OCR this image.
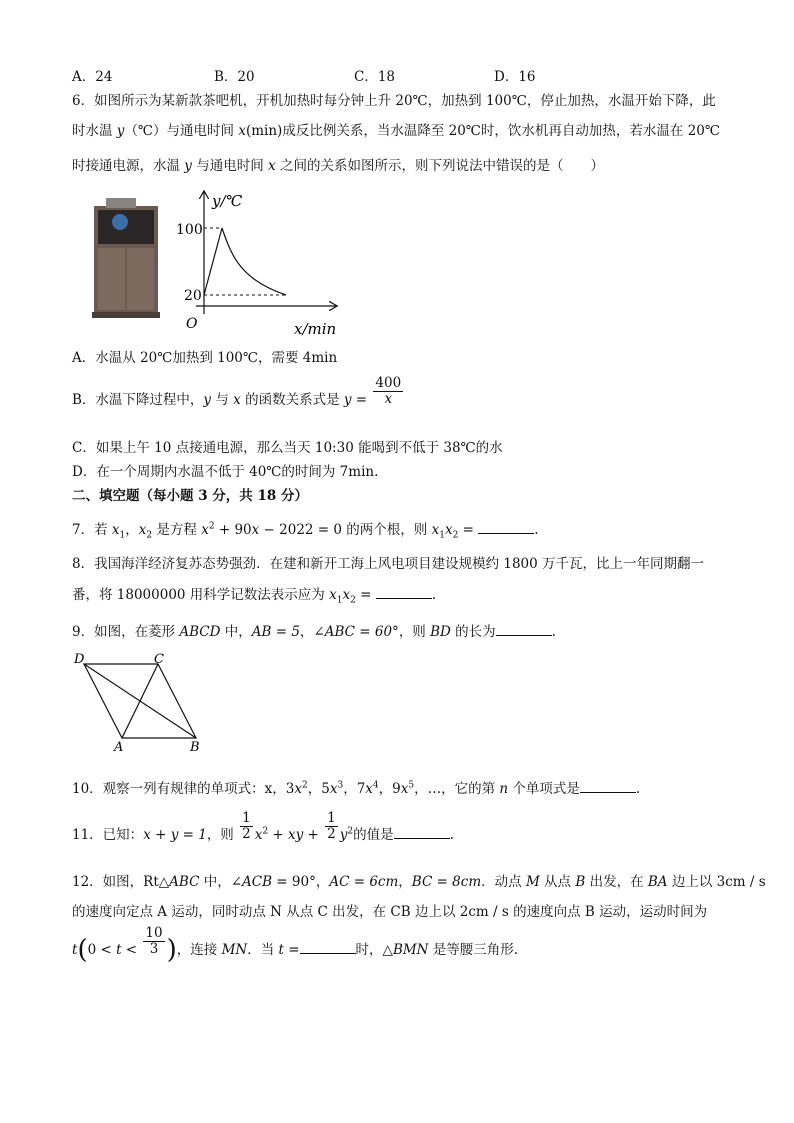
A．24	B．20	C．18	D．16
6．如图所示为某新款茶吧机，开机加热时每分钟上升 20℃，加热到 100℃，停止加热，水温开始下降，此
时水温 y（℃）与通电时间 x(min)成反比例关系，当水温降至 20℃时，饮水机再自动加热，若水温在 20℃
时接通电源，水温 y 与通电时间 x 之间的关系如图所示，则下列说法中错误的是（　　）
y/℃
x/min
O
100
20
A．水温从 20℃加热到 100℃，需要 4min
B．水温下降过程中，y 与 x 的函数关系式是 $y = \frac{400}{x}$
C．如果上午 10 点接通电源，那么当天 10:30 能喝到不低于 38℃的水
D．在一个周期内水温不低于 40℃的时间为 7min.
二、填空题（每小题 3 分，共 18 分）
7．若 $x_1$，$x_2$ 是方程 $x^2 + 90x - 2022 = 0$ 的两个根，则 $x_1x_2$ =	.
8．我国海洋经济复苏态势强劲．在建和新开工海上风电项目建设规模约 1800 万千瓦，比上一年同期翻一
番，将 18000000 用科学记数法表示应为 $x_1x_2$ =	.
9．如图，在菱形 ABCD 中，AB = 5，∠ABC = 60°，则 BD 的长为	.
D	C
A	B
10．观察一列有规律的单项式：x，$3x^2$，$5x^3$，$7x^4$，$9x^5$，…，它的第 n 个单项式是	.
11．已知：x + y = 1，则 $\frac{1}{2} x^2$ + xy + $\frac{1}{2} y^2$的值是	.
12．如图，Rt△ABC 中，∠ACB = 90°，AC = 6cm，BC = 8cm．动点 M 从点 B 出发，在 BA 边上以 3cm / s
的速度向定点 A 运动，同时动点 N 从点 C 出发，在 CB 边上以 2cm / s 的速度向点 B 运动，运动时间为
$t(0 < t < \frac{10}{3}$ )，连接 MN．当 t =	时，△BMN 是等腰三角形.
